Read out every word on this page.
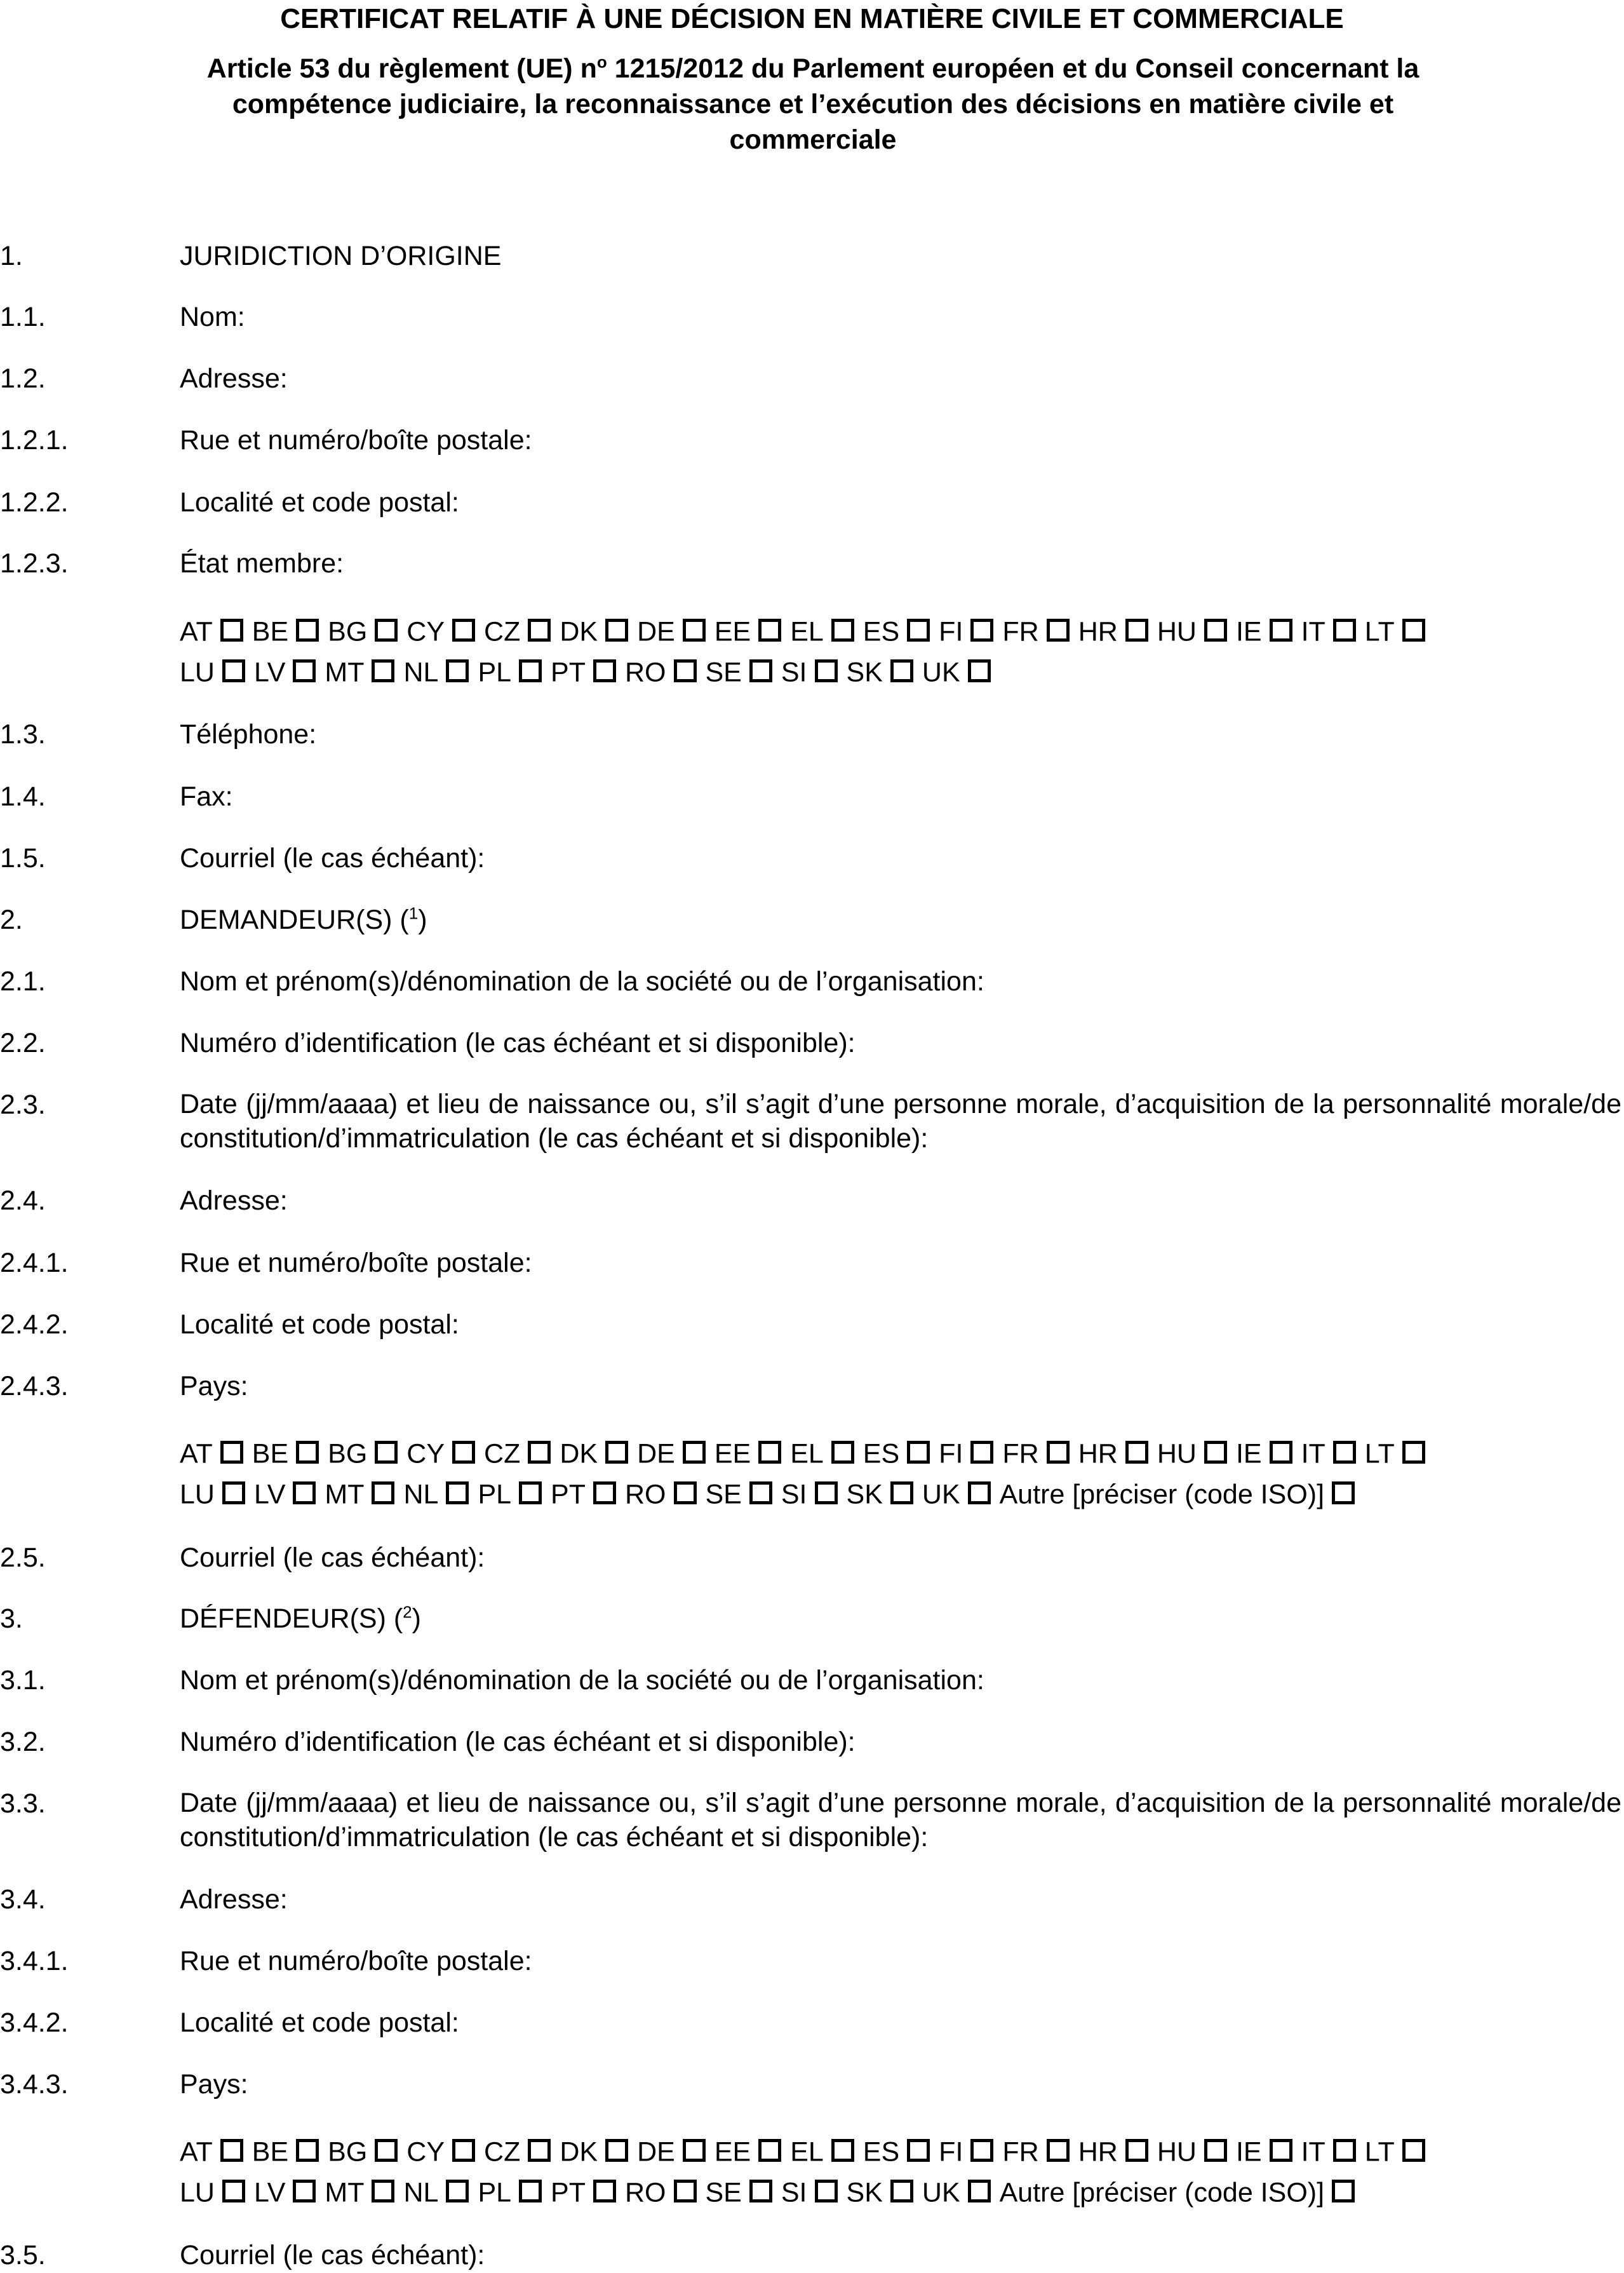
CERTIFICAT RELATIF À UNE DÉCISION EN MATIÈRE CIVILE ET COMMERCIALE
Article 53 du règlement (UE) $n^o$ 1215/2012 du Parlement européen et du Conseil concernant la compétence judiciaire, la reconnaissance et l’exécution des décisions en matière civile et commerciale
1.	JURIDICTION D’ORIGINE
1.1.	Nom:
1.2.	Adresse:
1.2.1.	Rue et numéro/boîte postale:
1.2.2.	Localité et code postal:
1.2.3.	État membre:
AT BE BG CY CZ DK DE EE EL ES FI FR HR HU IE IT LT
LU LV MT NL PL PT RO SE SI SK UK
1.3.	Téléphone:
1.4.	Fax:
1.5.	Courriel (le cas échéant):
2.	DEMANDEUR(S) ($^1$)
2.1.	Nom et prénom(s)/dénomination de la société ou de l’organisation:
2.2.	Numéro d’identification (le cas échéant et si disponible):
2.3.	Date (jj/mm/aaaa) et lieu de naissance ou, s’il s’agit d’une personne morale, d’acquisition de la personnalité morale/de constitution/d’immatriculation (le cas échéant et si disponible):
2.4.	Adresse:
2.4.1.	Rue et numéro/boîte postale:
2.4.2.	Localité et code postal:
2.4.3.	Pays:
AT BE BG CY CZ DK DE EE EL ES FI FR HR HU IE IT LT
LU LV MT NL PL PT RO SE SI SK UK Autre [préciser (code ISO)]
2.5.	Courriel (le cas échéant):
3.	DÉFENDEUR(S) ($^2$)
3.1.	Nom et prénom(s)/dénomination de la société ou de l’organisation:
3.2.	Numéro d’identification (le cas échéant et si disponible):
3.3.	Date (jj/mm/aaaa) et lieu de naissance ou, s’il s’agit d’une personne morale, d’acquisition de la personnalité morale/de constitution/d’immatriculation (le cas échéant et si disponible):
3.4.	Adresse:
3.4.1.	Rue et numéro/boîte postale:
3.4.2.	Localité et code postal:
3.4.3.	Pays:
AT BE BG CY CZ DK DE EE EL ES FI FR HR HU IE IT LT
LU LV MT NL PL PT RO SE SI SK UK Autre [préciser (code ISO)]
3.5.	Courriel (le cas échéant):
